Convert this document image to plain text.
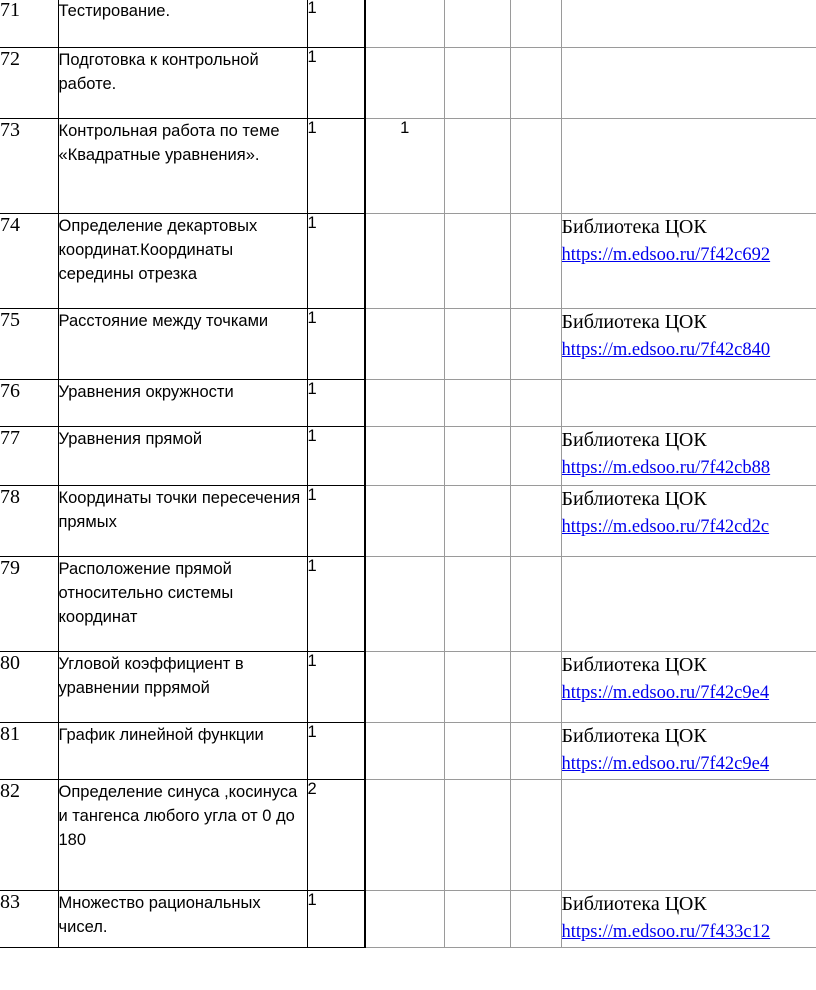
71	Тестирование.	1				
72	Подготовка к контрольной работе.	1				
73	Контрольная работа по теме «Квадратные уравнения».	1	1			
74	Определение декартовых координат.Координаты середины отрезка	1				Библиотека ЦОК
https://m.edsoo.ru/7f42c692
75	Расстояние между точками	1				Библиотека ЦОК
https://m.edsoo.ru/7f42c840
76	Уравнения окружности	1				
77	Уравнения прямой	1				Библиотека ЦОК
https://m.edsoo.ru/7f42cb88
78	Координаты точки пересечения прямых	1				Библиотека ЦОК
https://m.edsoo.ru/7f42cd2c
79	Расположение прямой относительно системы координат	1				
80	Угловой коэффициент в уравнении пррямой	1				Библиотека ЦОК
https://m.edsoo.ru/7f42c9e4
81	График линейной функции	1				Библиотека ЦОК
https://m.edsoo.ru/7f42c9e4
82	Определение синуса ,косинуса и тангенса любого угла от 0 до 180	2				
83	Множество рациональных чисел.	1				Библиотека ЦОК
https://m.edsoo.ru/7f433c12
